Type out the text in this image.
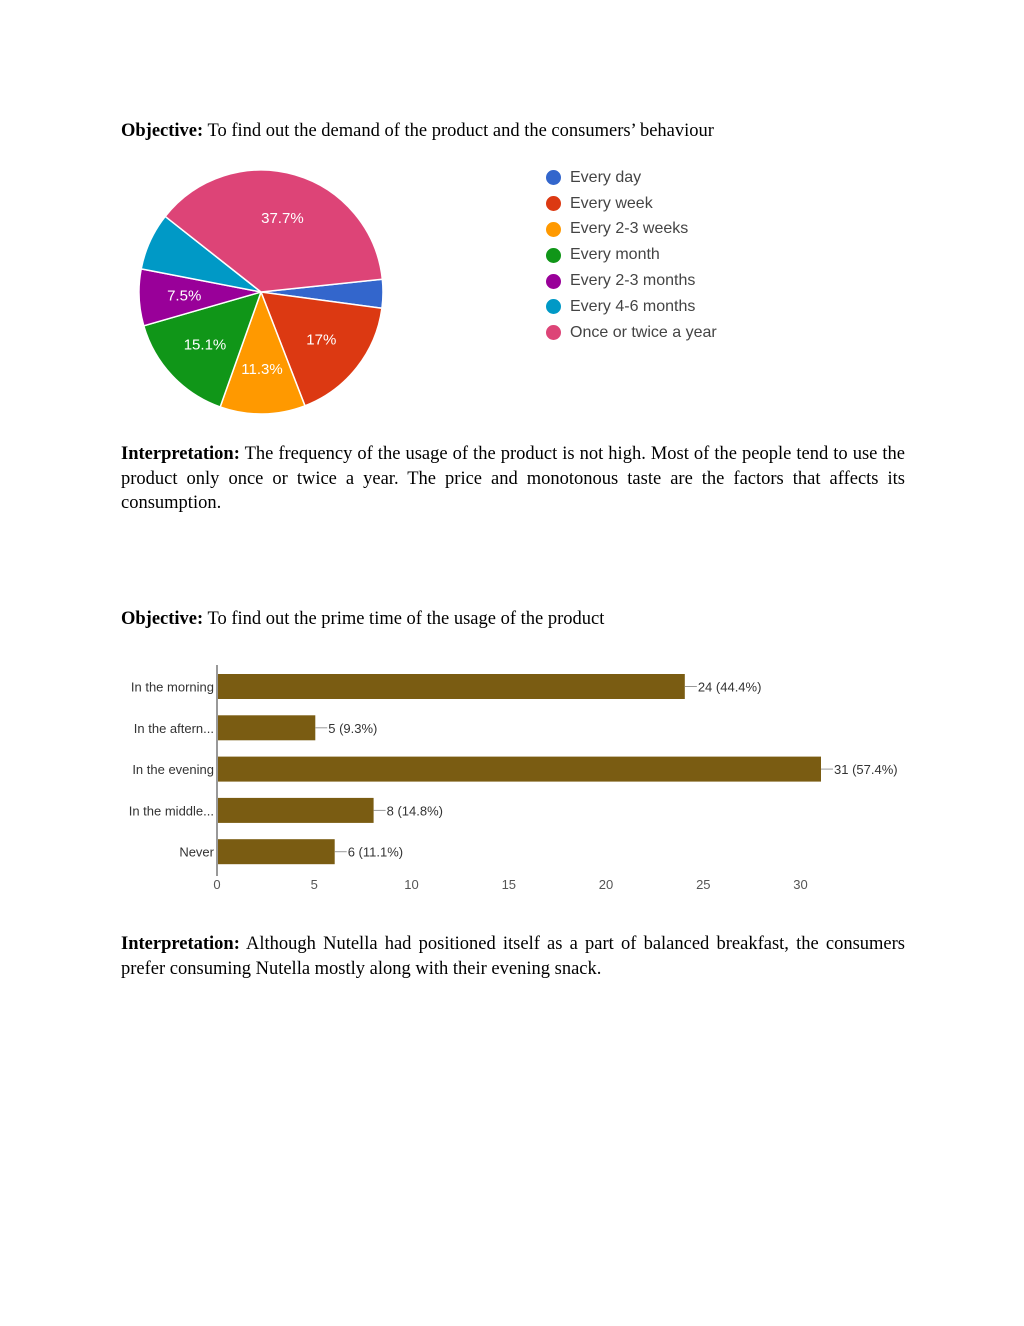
Objective: To find out the demand of the product and the consumers’ behaviour
17%
11.3%
15.1%
7.5%
37.7%
Every day
Every week
Every 2-3 weeks
Every month
Every 2-3 months
Every 4-6 months
Once or twice a year
Interpretation: The frequency of the usage of the product is not high. Most of the people tend to use the product only once or twice a year. The price and monotonous taste are the factors that affects its consumption.
Objective: To find out the prime time of the usage of the product
In the morning	24 (44.4%)
In the aftern...	5 (9.3%)
In the evening	31 (57.4%)
In the middle...	8 (14.8%)
Never	6 (11.1%)
0	5	10	15	20	25	30
Interpretation: Although Nutella had positioned itself as a part of balanced breakfast, the consumers prefer consuming Nutella mostly along with their evening snack.
